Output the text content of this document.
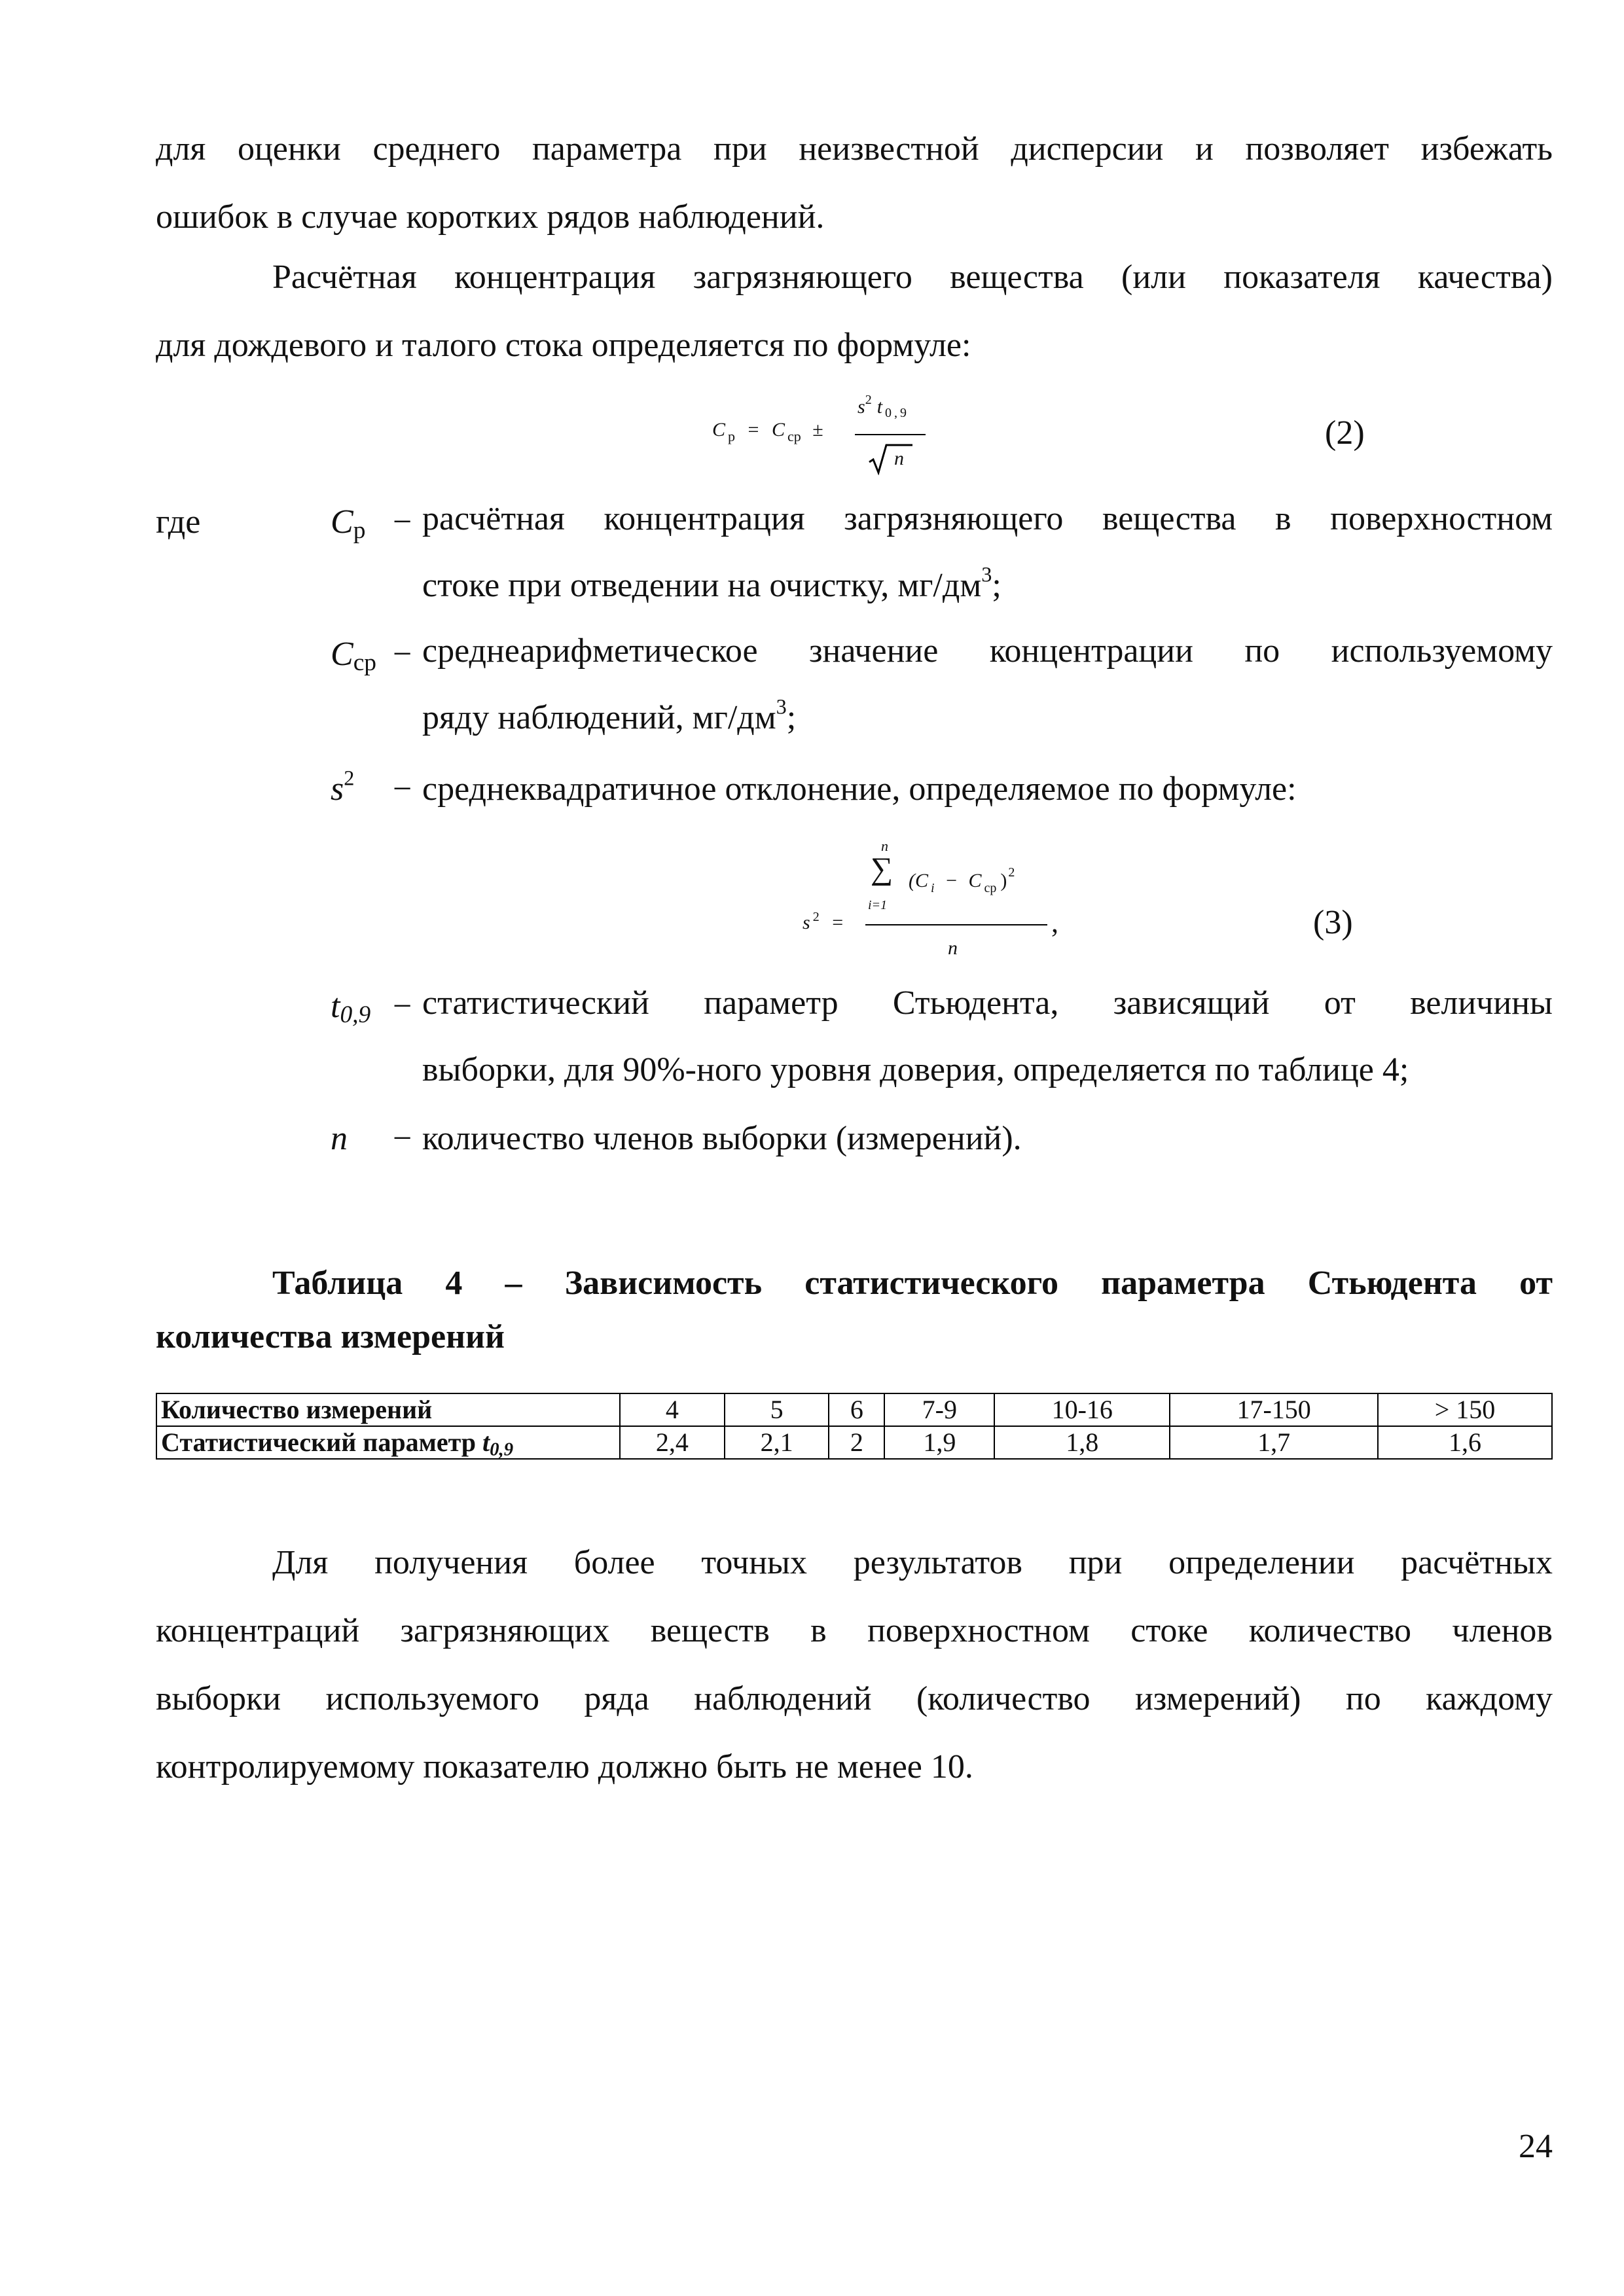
для оценки среднего параметра при неизвестной дисперсии и позволяет избежать
ошибок в случае коротких рядов наблюдений.
Расчётная концентрация загрязняющего вещества (или показателя качества)
для дождевого и талого стока определяется по формуле:
C $_р$ = C $_{ср}$ ±
$s^2$ t $_{0,9}$
n
(2)
где	$C_р$ − расчётная концентрация загрязняющего вещества в поверхностном
стоке при отведении на очистку, $мг/дм^3$;
$C_{ср}$ − среднеарифметическое значение концентрации по используемому
ряду наблюдений, $мг/дм^3$;
$s^2$ − среднеквадратичное отклонение, определяемое по формуле:
n
∑
i=1
(C $_i$ − C $_{ср}$ ) $^2$
s $^2$ =
n
,	(3)
$t_{0,9}$ − статистический параметр Стьюдента, зависящий от величины
выборки, для 90%-ного уровня доверия, определяется по таблице 4;
n − количество членов выборки (измерений).
Таблица 4 – Зависимость статистического параметра Стьюдента от
количества измерений
Количество измерений	4	5	6	7-9	10-16	17-150	> 150
Статистический параметр $t_{0,9}$	2,4	2,1	2	1,9	1,8	1,7	1,6
Для получения более точных результатов при определении расчётных
концентраций загрязняющих веществ в поверхностном стоке количество членов
выборки используемого ряда наблюдений (количество измерений) по каждому
контролируемому показателю должно быть не менее 10.
24
